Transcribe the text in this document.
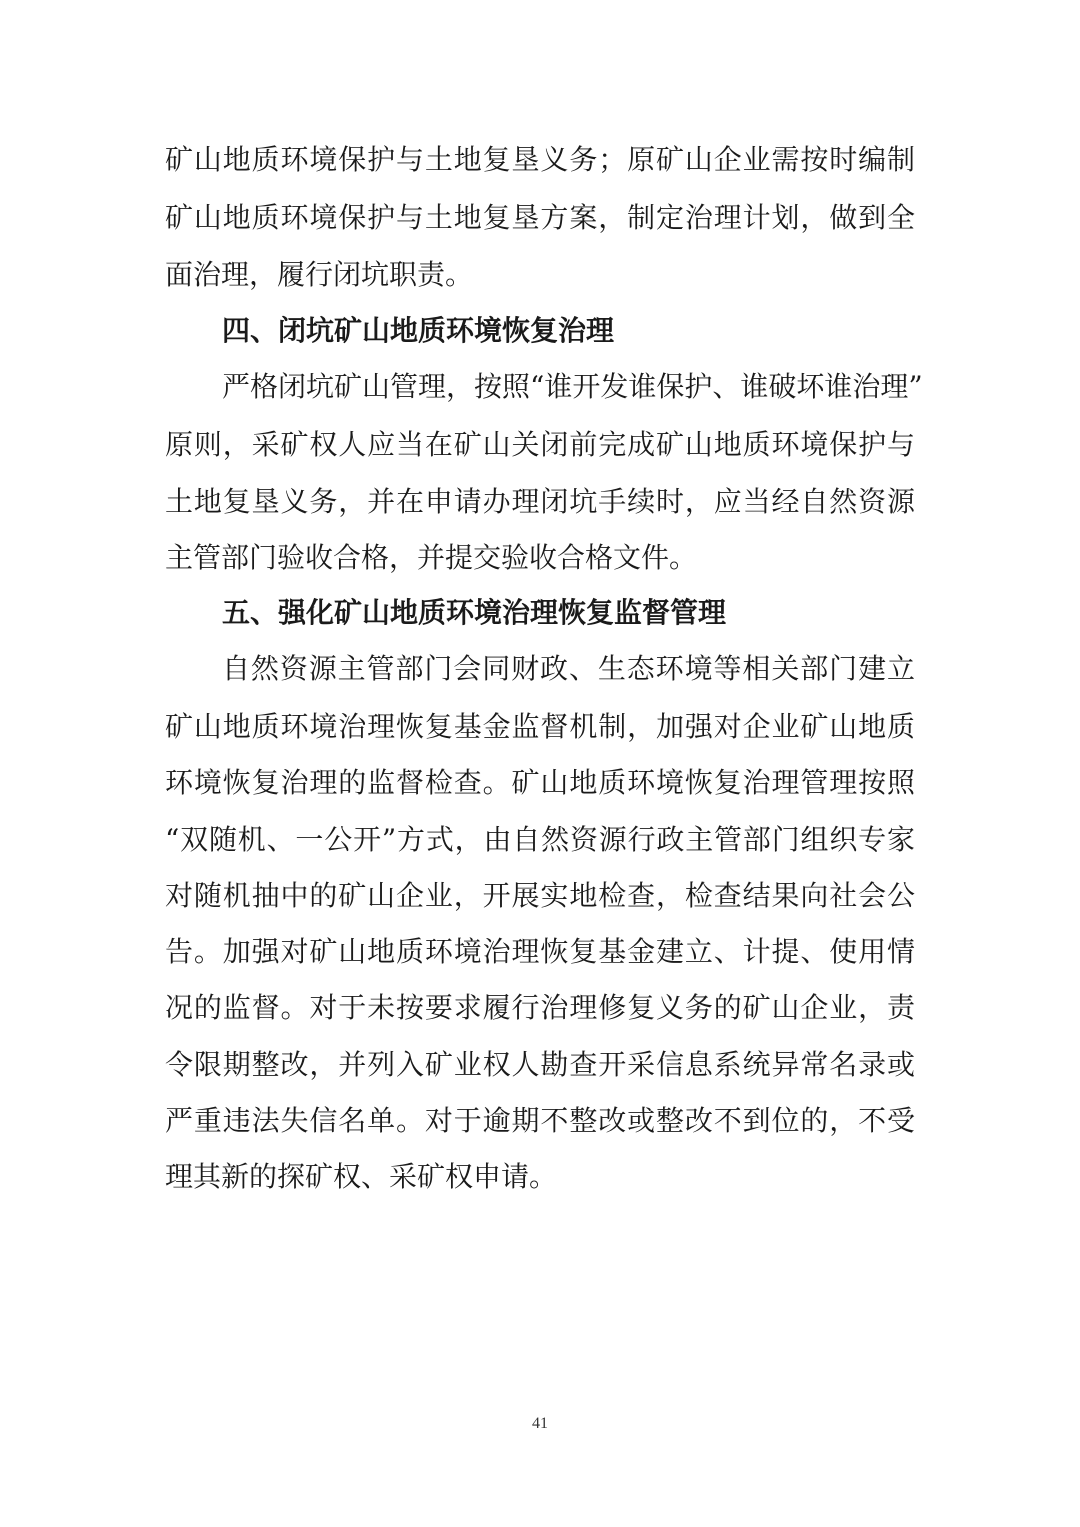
矿山地质环境保护与土地复垦义务；原矿山企业需按时编制
矿山地质环境保护与土地复垦方案，制定治理计划，做到全
面治理，履行闭坑职责。
四、闭坑矿山地质环境恢复治理
严格闭坑矿山管理，按照“谁开发谁保护、谁破坏谁治理”
原则，采矿权人应当在矿山关闭前完成矿山地质环境保护与
土地复垦义务，并在申请办理闭坑手续时，应当经自然资源
主管部门验收合格，并提交验收合格文件。
五、强化矿山地质环境治理恢复监督管理
自然资源主管部门会同财政、生态环境等相关部门建立
矿山地质环境治理恢复基金监督机制，加强对企业矿山地质
环境恢复治理的监督检查。矿山地质环境恢复治理管理按照
“双随机、一公开”方式，由自然资源行政主管部门组织专家
对随机抽中的矿山企业，开展实地检查，检查结果向社会公
告。加强对矿山地质环境治理恢复基金建立、计提、使用情
况的监督。对于未按要求履行治理修复义务的矿山企业，责
令限期整改，并列入矿业权人勘查开采信息系统异常名录或
严重违法失信名单。对于逾期不整改或整改不到位的，不受
理其新的探矿权、采矿权申请。
41
